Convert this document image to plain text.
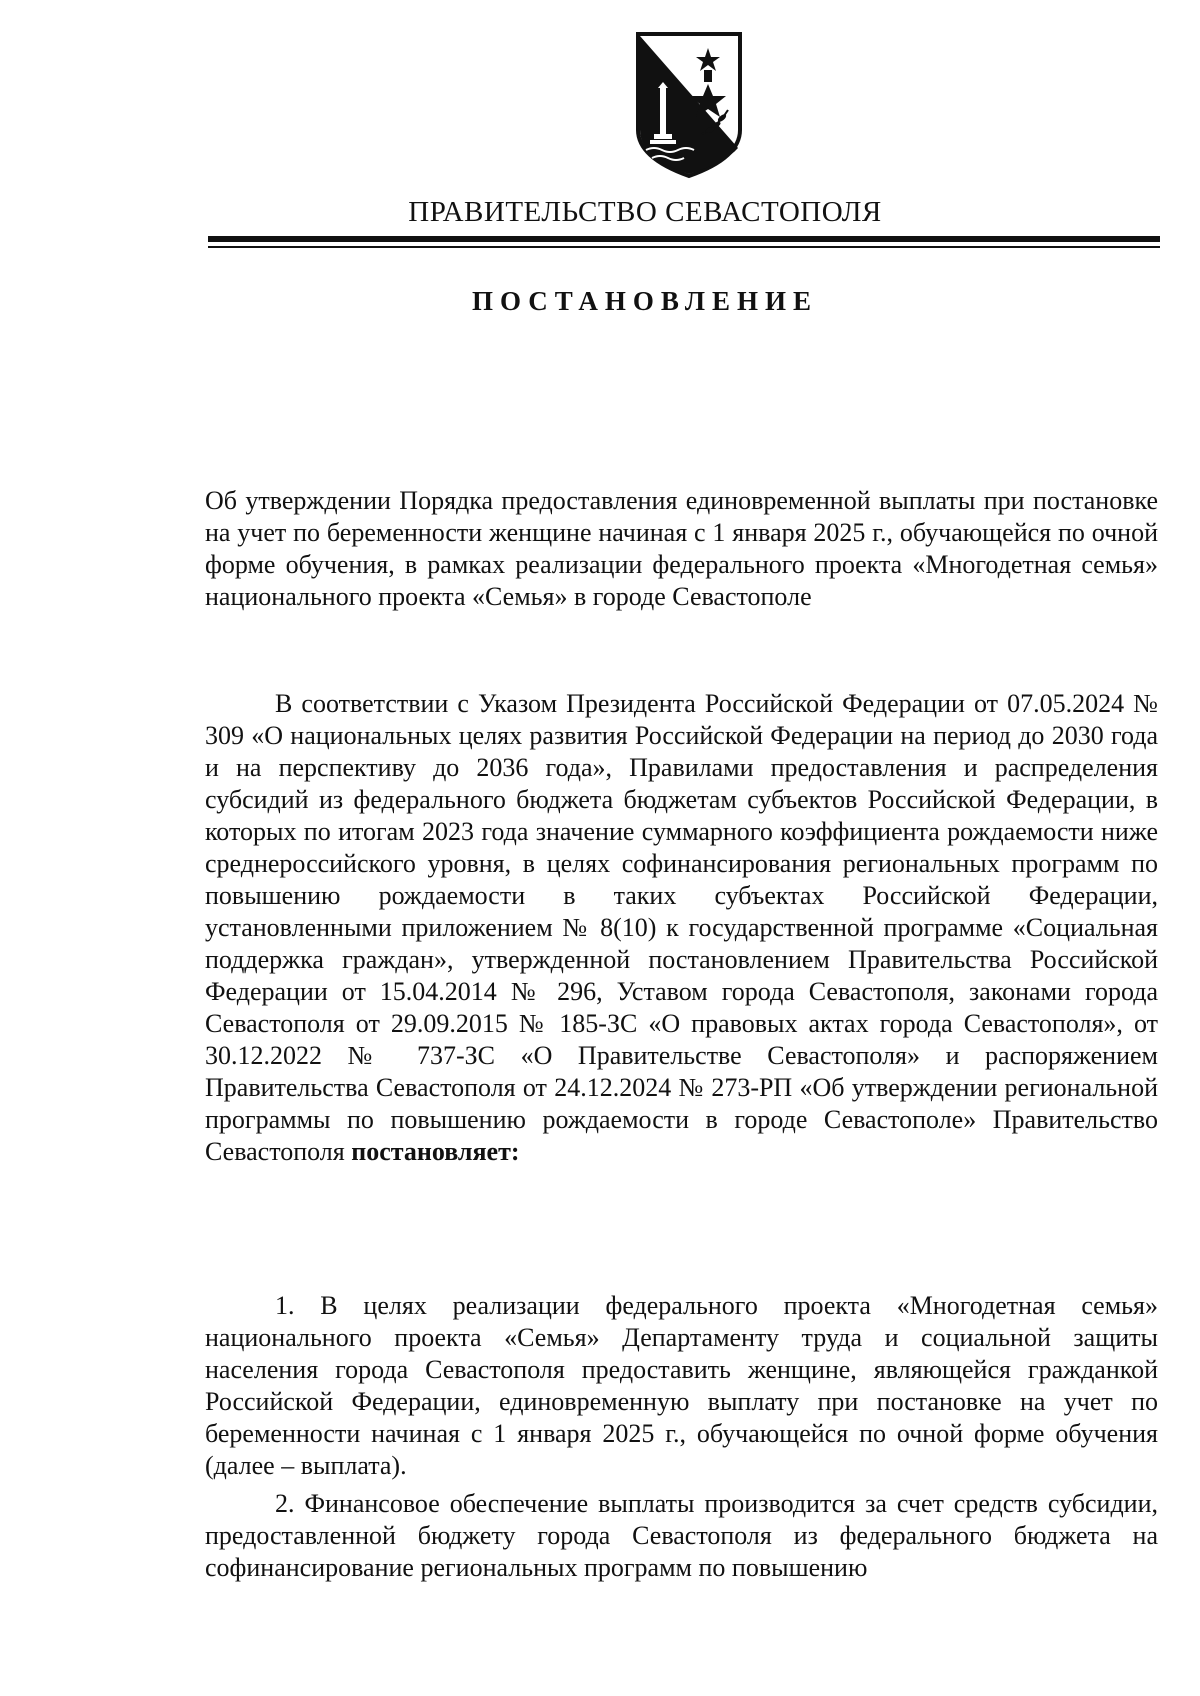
ПРАВИТЕЛЬСТВО СЕВАСТОПОЛЯ
ПОСТАНОВЛЕНИЕ
Об утверждении Порядка предоставления единовременной выплаты при постановке на учет по беременности женщине начиная с 1 января 2025 г., обучающейся по очной форме обучения, в рамках реализации федерального проекта «Многодетная семья» национального проекта «Семья» в городе Севастополе

В соответствии с Указом Президента Российской Федерации от 07.05.2024 № 309 «О национальных целях развития Российской Федерации на период до 2030 года и на перспективу до 2036 года», Правилами предоставления и распределения субсидий из федерального бюджета бюджетам субъектов Российской Федерации, в которых по итогам 2023 года значение суммарного коэффициента рождаемости ниже среднероссийского уровня, в целях софинансирования региональных программ по повышению рождаемости в таких субъектах Российской Федерации, установленными приложением № 8(10) к государственной программе «Социальная поддержка граждан», утвержденной постановлением Правительства Российской Федерации от 15.04.2014 № 296, Уставом города Севастополя, законами города Севастополя от 29.09.2015 № 185-ЗС «О правовых актах города Севастополя», от 30.12.2022 № 737-ЗС «О Правительстве Севастополя» и распоряжением Правительства Севастополя от 24.12.2024 № 273-РП «Об утверждении региональной программы по повышению рождаемости в городе Севастополе» Правительство Севастополя постановляет:

1. В целях реализации федерального проекта «Многодетная семья» национального проекта «Семья» Департаменту труда и социальной защиты населения города Севастополя предоставить женщине, являющейся гражданкой Российской Федерации, единовременную выплату при постановке на учет по беременности начиная с 1 января 2025 г., обучающейся по очной форме обучения (далее – выплата).

2. Финансовое обеспечение выплаты производится за счет средств субсидии, предоставленной бюджету города Севастополя из федерального бюджета на софинансирование региональных программ по повышению
